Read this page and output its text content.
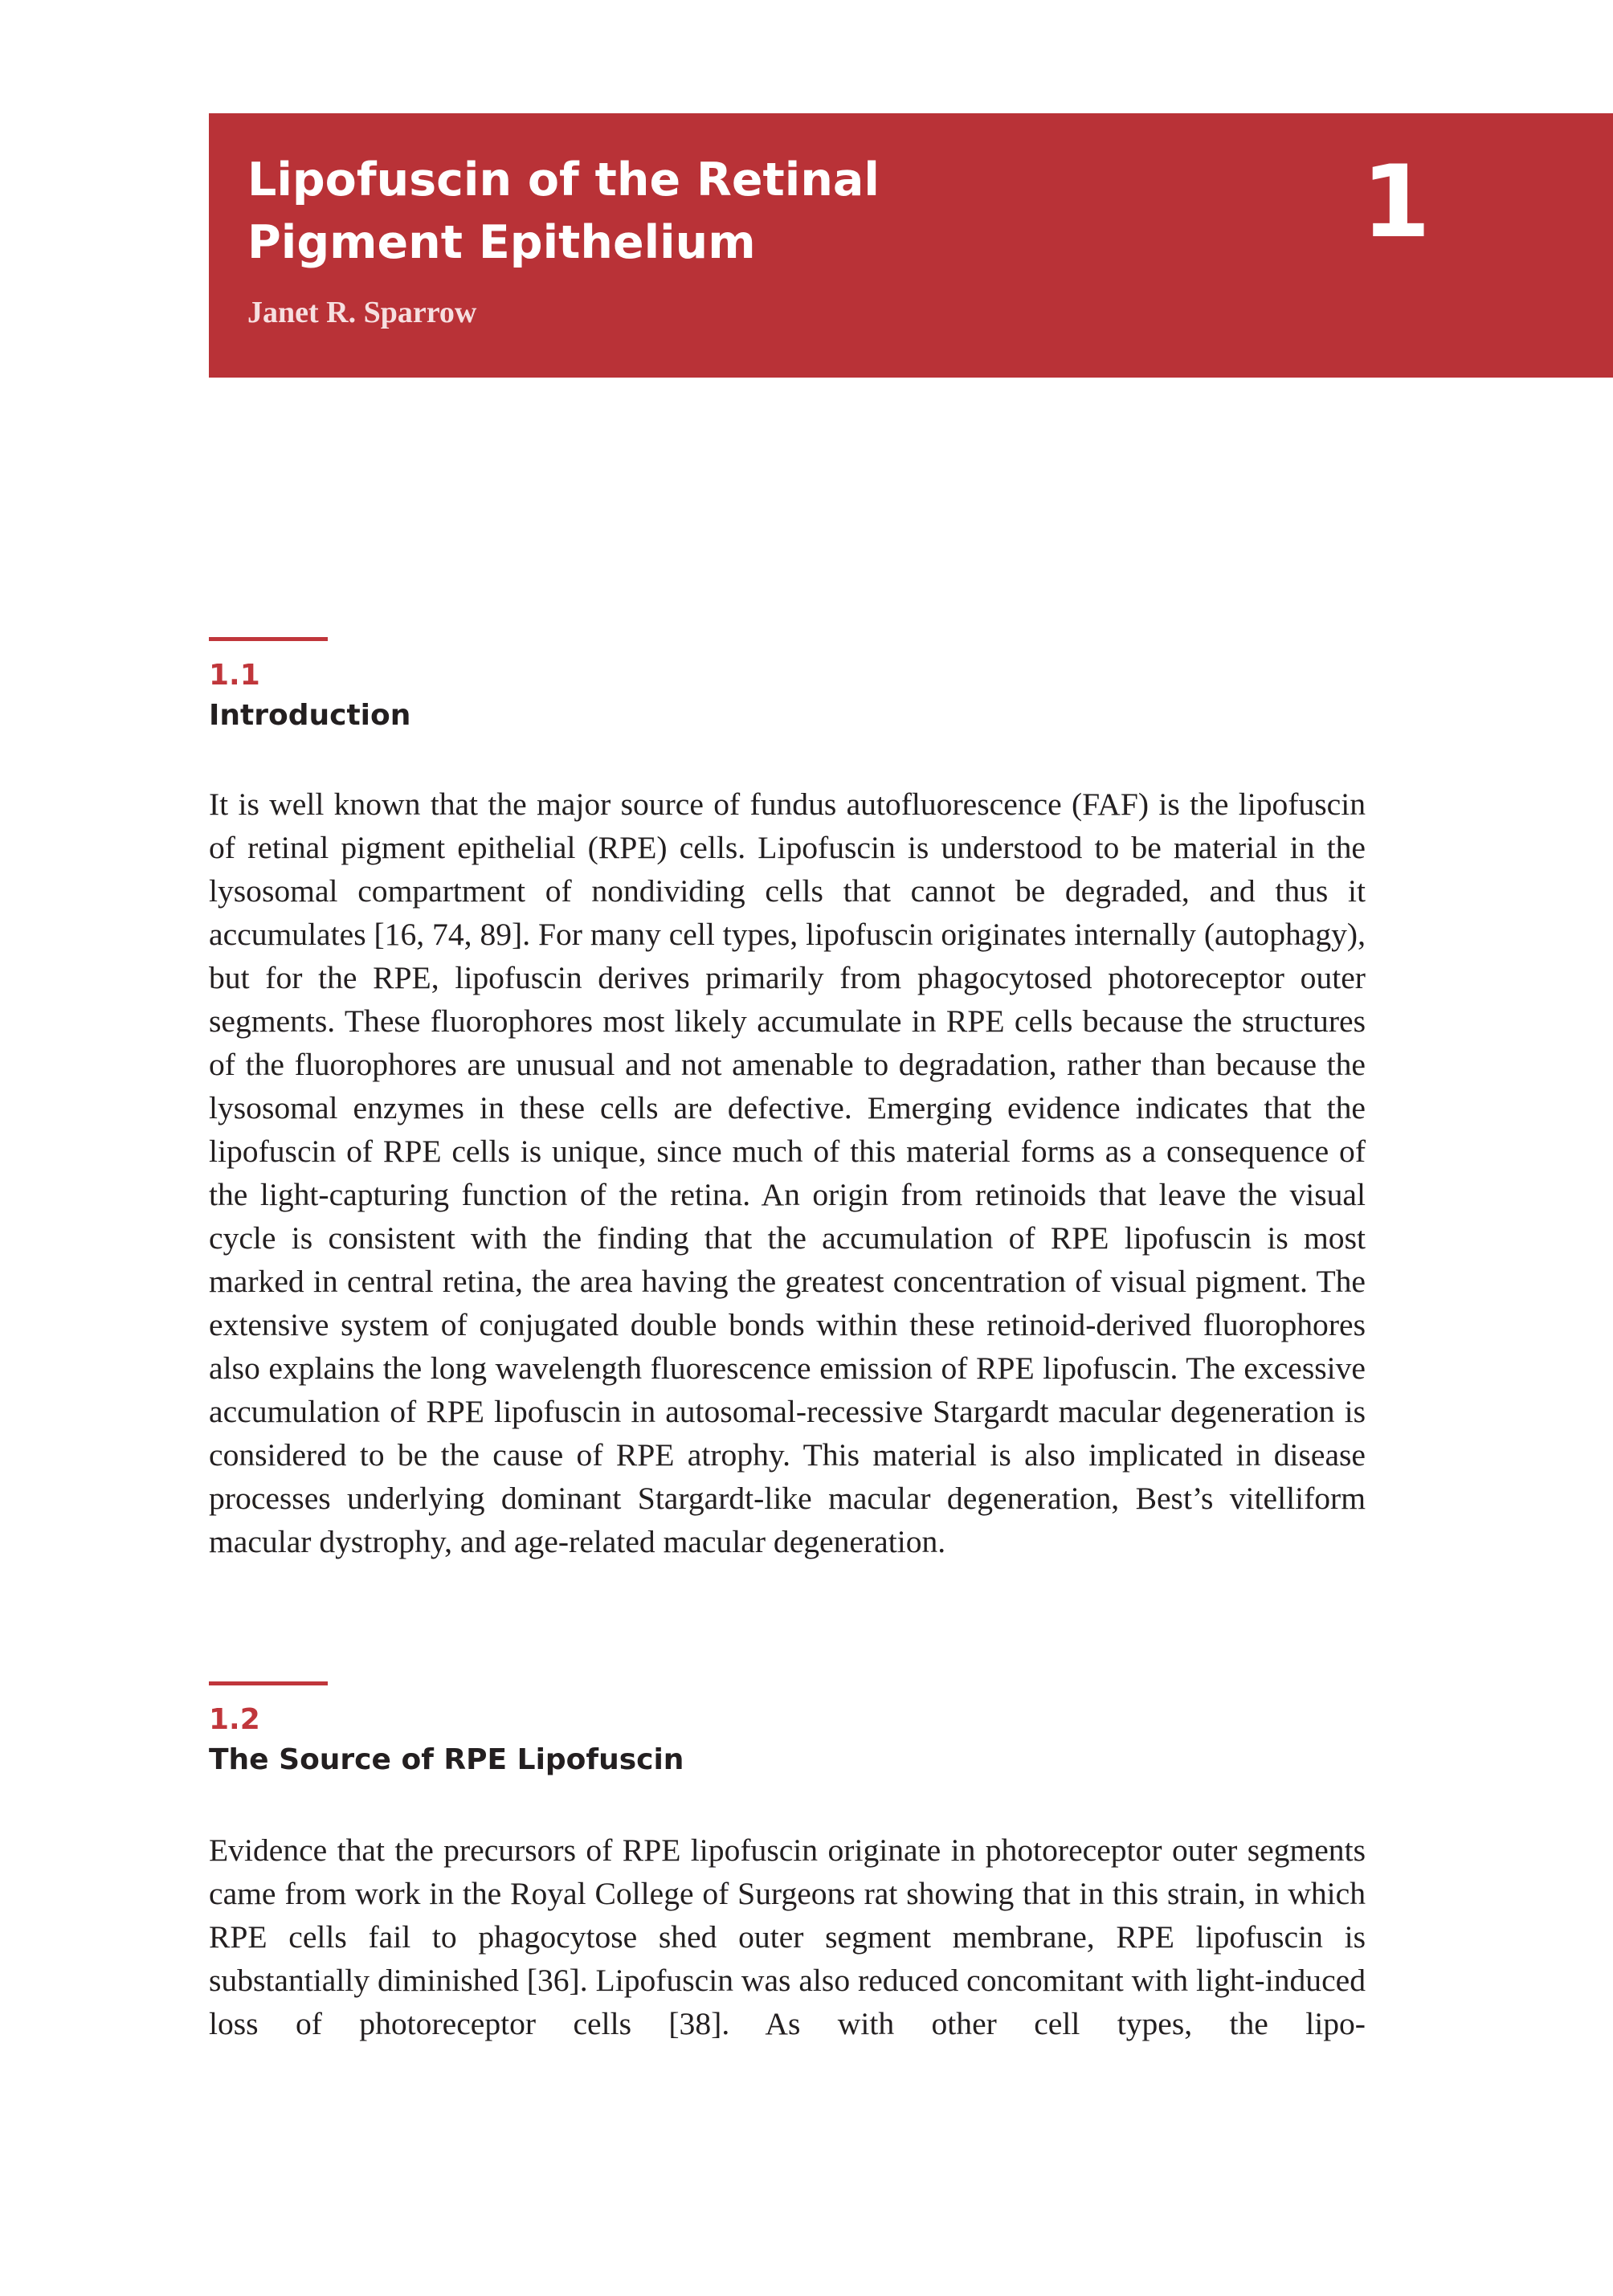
Lipofuscin of the Retinal
Pigment Epithelium

Janet R. Sparrow

1
1.1
Introduction

It is well known that the major source of fundus autofluorescence (FAF) is the lipofuscin of retinal pigment epithelial (RPE) cells. Lipofuscin is understood to be material in the lysosomal compartment of nondividing cells that cannot be degraded, and thus it accumulates [16, 74, 89]. For many cell types, lipofuscin originates internally (autophagy), but for the RPE, lipofuscin derives primarily from phagocytosed photoreceptor outer segments. These fluorophores most likely accumulate in RPE cells because the structures of the fluorophores are unusual and not amenable to degradation, rather than because the lysosomal enzymes in these cells are defective. Emerging evidence indicates that the lipofuscin of RPE cells is unique, since much of this material forms as a consequence of the light-capturing function of the retina. An origin from retinoids that leave the visual cycle is consistent with the finding that the accumulation of RPE lipofuscin is most marked in central retina, the area having the greatest concentration of visual pigment. The extensive system of conjugated double bonds within these retinoid-derived fluorophores also explains the long wavelength fluorescence emission of RPE lipofuscin. The excessive accumulation of RPE lipofuscin in autosomal-recessive Stargardt macular degeneration is considered to be the cause of RPE atrophy. This material is also implicated in disease processes underlying dominant Stargardt-like macular degeneration, Best’s vitelliform macular dystrophy, and age-related macular degeneration.

1.2
The Source of RPE Lipofuscin

Evidence that the precursors of RPE lipofuscin originate in photoreceptor outer segments came from work in the Royal College of Surgeons rat showing that in this strain, in which RPE cells fail to phagocytose shed outer segment membrane, RPE lipofuscin is substantially diminished [36]. Lipofuscin was also reduced concomitant with light-induced loss of photoreceptor cells [38]. As with other cell types, the lipo-
